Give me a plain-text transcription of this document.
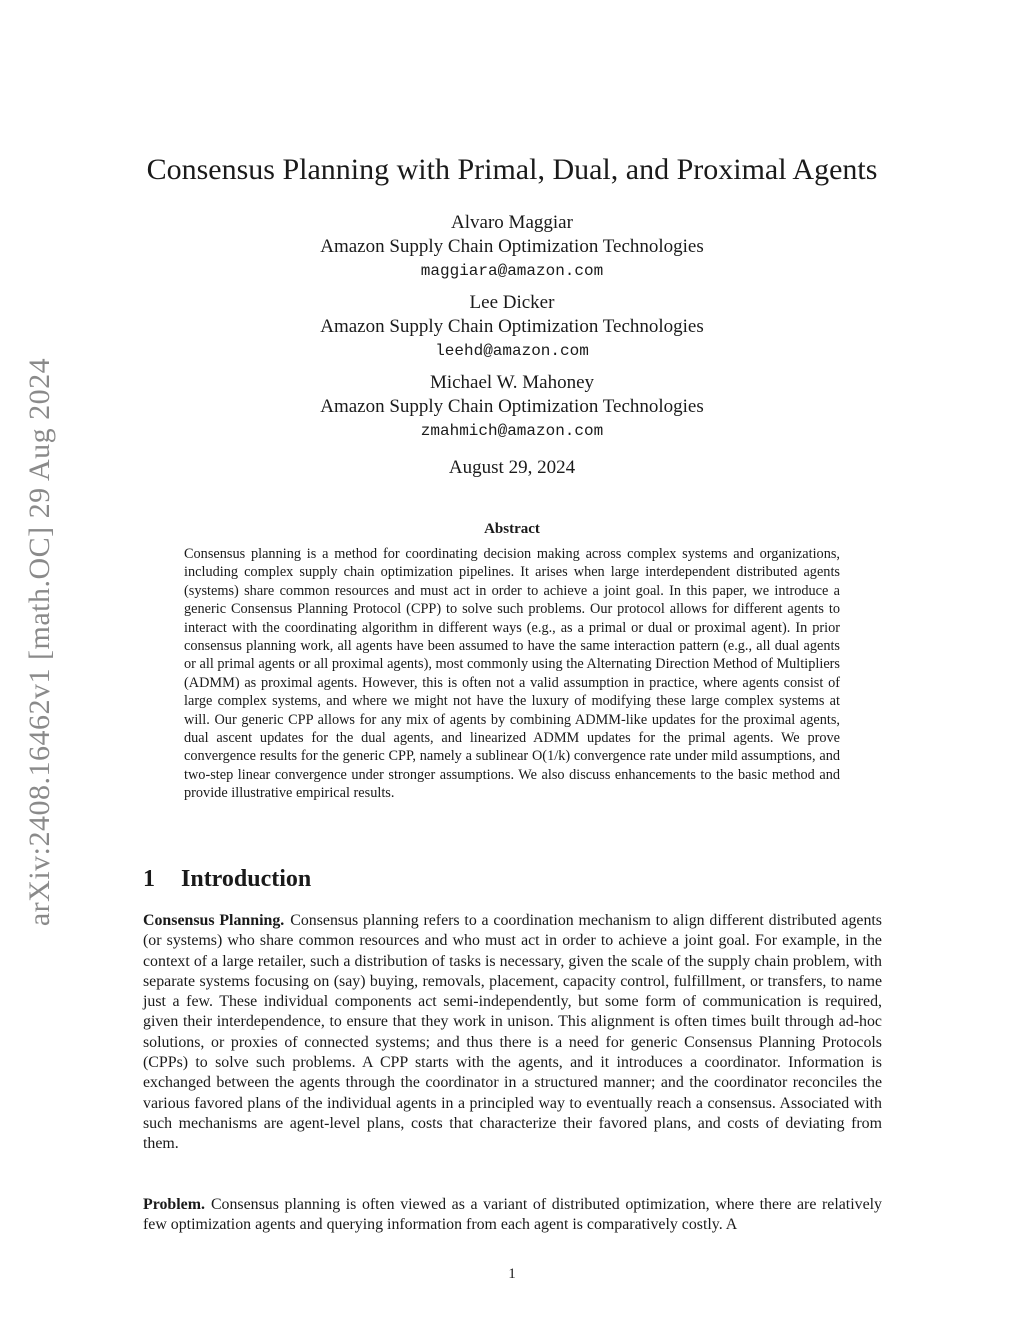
arXiv:2408.16462v1 [math.OC] 29 Aug 2024
Consensus Planning with Primal, Dual, and Proximal Agents
Alvaro Maggiar
Amazon Supply Chain Optimization Technologies
maggiara@amazon.com
Lee Dicker
Amazon Supply Chain Optimization Technologies
leehd@amazon.com
Michael W. Mahoney
Amazon Supply Chain Optimization Technologies
zmahmich@amazon.com
August 29, 2024
Abstract

Consensus planning is a method for coordinating decision making across complex systems and organizations, including complex supply chain optimization pipelines. It arises when large interdependent distributed agents (systems) share common resources and must act in order to achieve a joint goal. In this paper, we introduce a generic Consensus Planning Protocol (CPP) to solve such problems. Our protocol allows for different agents to interact with the coordinating algorithm in different ways (e.g., as a primal or dual or proximal agent). In prior consensus planning work, all agents have been assumed to have the same interaction pattern (e.g., all dual agents or all primal agents or all proximal agents), most commonly using the Alternating Direction Method of Multipliers (ADMM) as proximal agents. However, this is often not a valid assumption in practice, where agents consist of large complex systems, and where we might not have the luxury of modifying these large complex systems at will. Our generic CPP allows for any mix of agents by combining ADMM-like updates for the proximal agents, dual ascent updates for the dual agents, and linearized ADMM updates for the primal agents. We prove convergence results for the generic CPP, namely a sublinear O(1/k) convergence rate under mild assumptions, and two-step linear convergence under stronger assumptions. We also discuss enhancements to the basic method and provide illustrative empirical results.

1 Introduction

Consensus Planning. Consensus planning refers to a coordination mechanism to align different distributed agents (or systems) who share common resources and who must act in order to achieve a joint goal. For example, in the context of a large retailer, such a distribution of tasks is necessary, given the scale of the supply chain problem, with separate systems focusing on (say) buying, removals, placement, capacity control, fulfillment, or transfers, to name just a few. These individual components act semi-independently, but some form of communication is required, given their interdependence, to ensure that they work in unison. This alignment is often times built through ad-hoc solutions, or proxies of connected systems; and thus there is a need for generic Consensus Planning Protocols (CPPs) to solve such problems. A CPP starts with the agents, and it introduces a coordinator. Information is exchanged between the agents through the coordinator in a structured manner; and the coordinator reconciles the various favored plans of the individual agents in a principled way to eventually reach a consensus. Associated with such mechanisms are agent-level plans, costs that characterize their favored plans, and costs of deviating from them.

Problem. Consensus planning is often viewed as a variant of distributed optimization, where there are relatively few optimization agents and querying information from each agent is comparatively costly. A

1
